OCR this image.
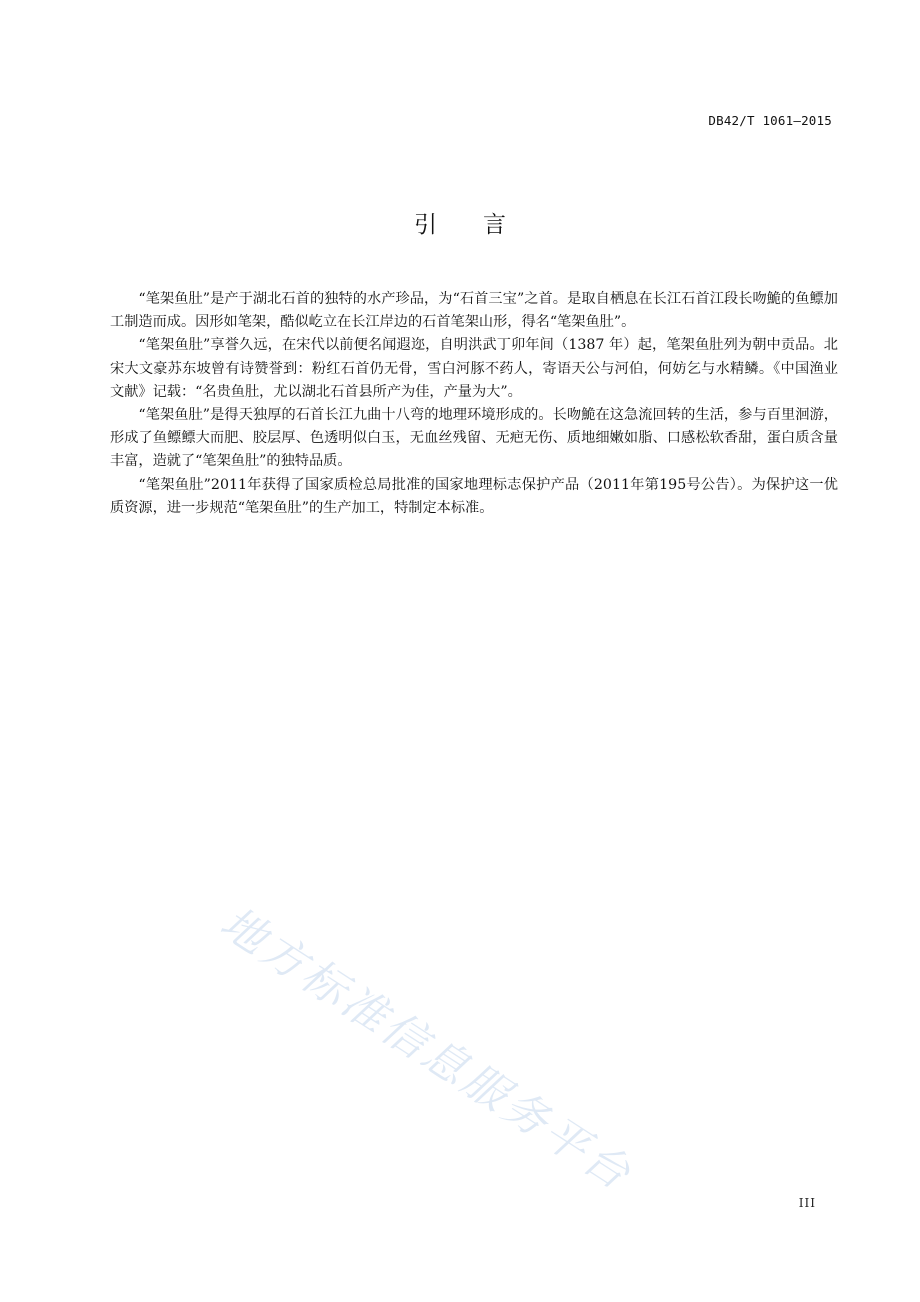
DB42/T 1061—2015
引言

“笔架鱼肚”是产于湖北石首的独特的水产珍品，为“石首三宝”之首。是取自栖息在长江石首江段长吻鮠的鱼鳔加工制造而成。因形如笔架，酷似屹立在长江岸边的石首笔架山形，得名“笔架鱼肚”。

“笔架鱼肚”享誉久远，在宋代以前便名闻遐迩，自明洪武丁卯年间（1387 年）起，笔架鱼肚列为朝中贡品。北宋大文豪苏东坡曾有诗赞誉到：粉红石首仍无骨，雪白河豚不药人，寄语天公与河伯，何妨乞与水精鳞。《中国渔业文献》记载：“名贵鱼肚，尤以湖北石首县所产为佳，产量为大”。

“笔架鱼肚”是得天独厚的石首长江九曲十八弯的地理环境形成的。长吻鮠在这急流回转的生活，参与百里洄游，形成了鱼鳔鳔大而肥、胶层厚、色透明似白玉，无血丝残留、无疤无伤、质地细嫩如脂、口感松软香甜，蛋白质含量丰富，造就了“笔架鱼肚”的独特品质。

“笔架鱼肚”2011年获得了国家质检总局批准的国家地理标志保护产品（2011年第195号公告）。为保护这一优质资源，进一步规范“笔架鱼肚”的生产加工，特制定本标准。

地方标准信息服务平台
III
